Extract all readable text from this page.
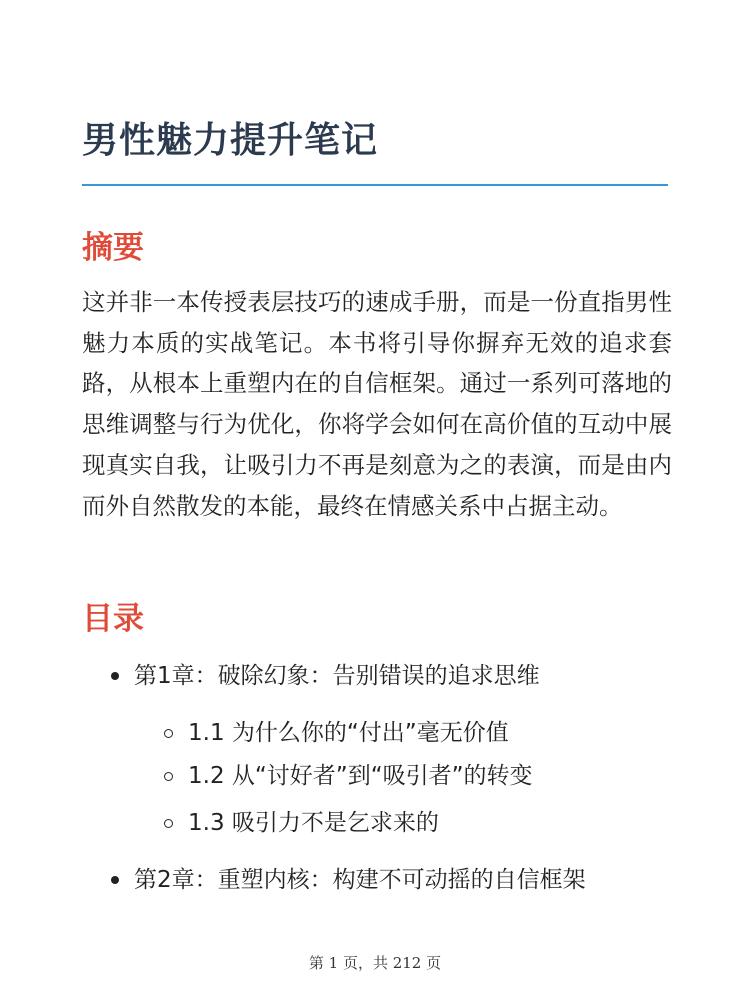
男性魅力提升笔记
摘要

这并非一本传授表层技巧的速成手册，而是一份直指男性魅力本质的实战笔记。本书将引导你摒弃无效的追求套路，从根本上重塑内在的自信框架。通过一系列可落地的思维调整与行为优化，你将学会如何在高价值的互动中展现真实自我，让吸引力不再是刻意为之的表演，而是由内而外自然散发的本能，最终在情感关系中占据主动。

目录
第1章：破除幻象：告别错误的追求思维
1.1 为什么你的“付出”毫无价值
1.2 从“讨好者”到“吸引者”的转变
1.3 吸引力不是乞求来的
第2章：重塑内核：构建不可动摇的自信框架
第 1 页，共 212 页
